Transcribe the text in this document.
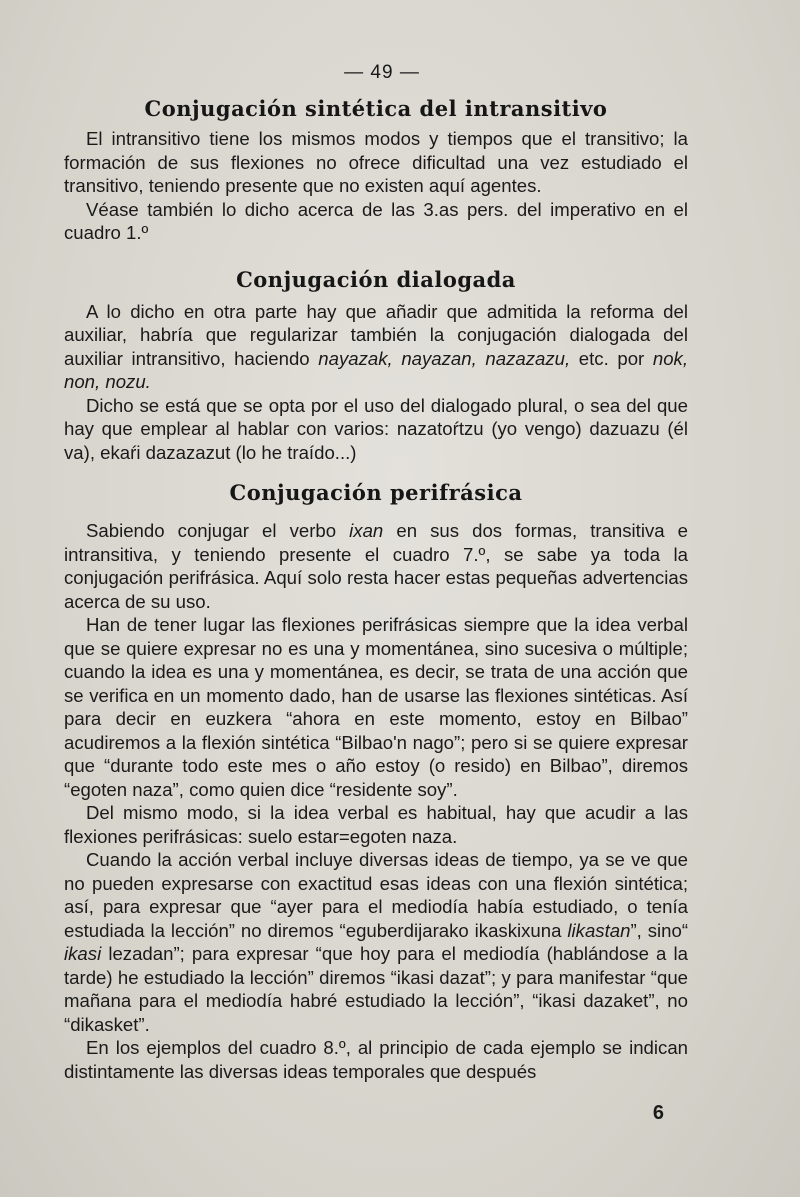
— 49 —
Conjugación sintética del intransitivo

El intransitivo tiene los mismos modos y tiempos que el transitivo; la formación de sus flexiones no ofrece dificultad una vez estudiado el transitivo, teniendo presente que no existen aquí agentes.

Véase también lo dicho acerca de las 3.as pers. del imperativo en el cuadro 1.º

Conjugación dialogada

A lo dicho en otra parte hay que añadir que admitida la reforma del auxiliar, habría que regularizar también la conjugación dialogada del auxiliar intransitivo, haciendo nayazak, nayazan, nazazazu, etc. por nok, non, nozu.

Dicho se está que se opta por el uso del dialogado plural, o sea del que hay que emplear al hablar con varios: nazatoŕtzu (yo vengo) dazuazu (él va), ekaŕi dazazazut (lo he traído...)

Conjugación perifrásica

Sabiendo conjugar el verbo ixan en sus dos formas, transitiva e intransitiva, y teniendo presente el cuadro 7.º, se sabe ya toda la conjugación perifrásica. Aquí solo resta hacer estas pequeñas advertencias acerca de su uso.

Han de tener lugar las flexiones perifrásicas siempre que la idea verbal que se quiere expresar no es una y momentánea, sino sucesiva o múltiple; cuando la idea es una y momentánea, es decir, se trata de una acción que se verifica en un momento dado, han de usarse las flexiones sintéticas. Así para decir en euzkera “ahora en este momento, estoy en Bilbao” acudiremos a la flexión sintética “Bilbao'n nago”; pero si se quiere expresar que “durante todo este mes o año estoy (o resido) en Bilbao”, diremos “egoten naza”, como quien dice “residente soy”.

Del mismo modo, si la idea verbal es habitual, hay que acudir a las flexiones perifrásicas: suelo estar=egoten naza.

Cuando la acción verbal incluye diversas ideas de tiempo, ya se ve que no pueden expresarse con exactitud esas ideas con una flexión sintética; así, para expresar que “ayer para el mediodía había estudiado, o tenía estudiada la lección” no diremos “eguberdijarako ikaskixuna likastan”, sino“ ikasi lezadan”; para expresar “que hoy para el mediodía (hablándose a la tarde) he estudiado la lección” diremos “ikasi dazat”; y para manifestar “que mañana para el mediodía habré estudiado la lección”, “ikasi dazaket”, no “dikasket”.

En los ejemplos del cuadro 8.º, al principio de cada ejemplo se indican distintamente las diversas ideas temporales que después

6
